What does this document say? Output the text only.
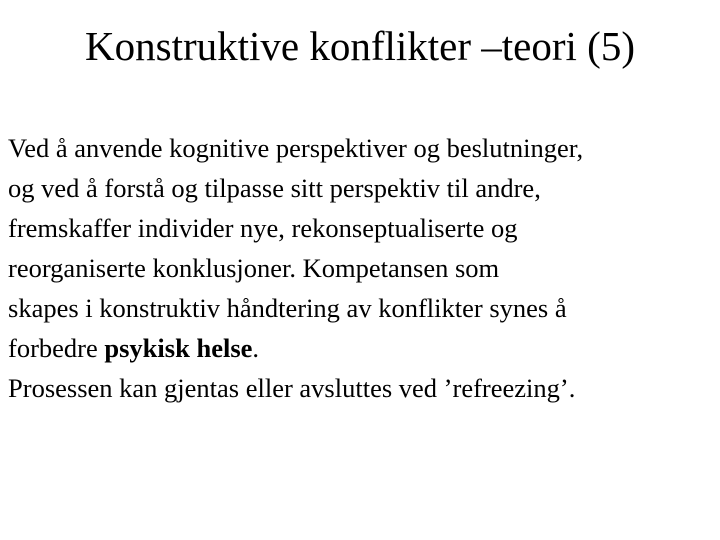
Konstruktive konflikter –teori (5)

Ved å anvende kognitive perspektiver og beslutninger,
og ved å forstå og tilpasse sitt perspektiv til andre,
fremskaffer individer nye, rekonseptualiserte og
reorganiserte konklusjoner. Kompetansen som
skapes i konstruktiv håndtering av konflikter synes å
forbedre psykisk helse.

Prosessen kan gjentas eller avsluttes ved ’refreezing’.
